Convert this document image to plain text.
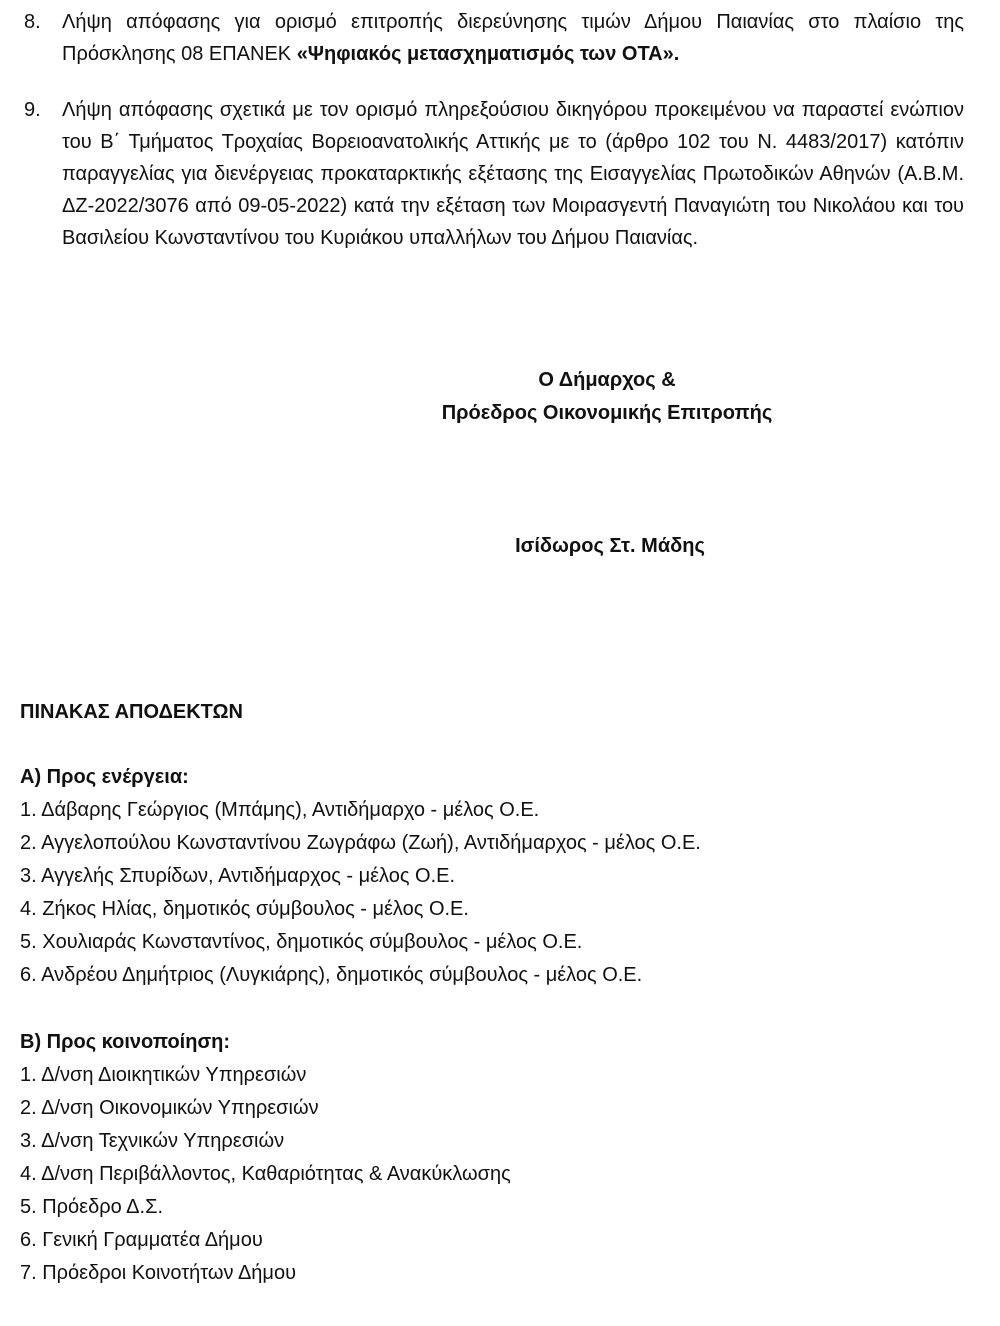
8. Λήψη απόφασης για ορισμό επιτροπής διερεύνησης τιμών Δήμου Παιανίας στο πλαίσιο της Πρόσκλησης 08 ΕΠΑΝΕΚ «Ψηφιακός μετασχηματισμός των ΟΤΑ».
9. Λήψη απόφασης σχετικά με τον ορισμό πληρεξούσιου δικηγόρου προκειμένου να παραστεί ενώπιον του Β΄ Τμήματος Τροχαίας Βορειοανατολικής Αττικής με το (άρθρο 102 του Ν. 4483/2017) κατόπιν παραγγελίας για διενέργειας προκαταρκτικής εξέτασης της Εισαγγελίας Πρωτοδικών Αθηνών (Α.Β.Μ. ΔΖ-2022/3076 από 09-05-2022) κατά την εξέταση των Μοιρασγεντή Παναγιώτη του Νικολάου και του Βασιλείου Κωνσταντίνου του Κυριάκου υπαλλήλων του Δήμου Παιανίας.
Ο Δήμαρχος &
Πρόεδρος Οικονομικής Επιτροπής
Ισίδωρος Στ. Μάδης
ΠΙΝΑΚΑΣ ΑΠΟΔΕΚΤΩΝ
Α) Προς ενέργεια:
1. Δάβαρης Γεώργιος (Μπάμης), Αντιδήμαρχο - μέλος Ο.Ε.
2. Αγγελοπούλου Κωνσταντίνου Ζωγράφω (Ζωή), Αντιδήμαρχος - μέλος Ο.Ε.
3. Αγγελής Σπυρίδων, Αντιδήμαρχος - μέλος Ο.Ε.
4. Ζήκος Ηλίας, δημοτικός σύμβουλος - μέλος Ο.Ε.
5. Χουλιαράς Κωνσταντίνος, δημοτικός σύμβουλος - μέλος Ο.Ε.
6. Ανδρέου Δημήτριος (Λυγκιάρης), δημοτικός σύμβουλος - μέλος Ο.Ε.
Β) Προς κοινοποίηση:
1. Δ/νση Διοικητικών Υπηρεσιών
2. Δ/νση Οικονομικών Υπηρεσιών
3. Δ/νση Τεχνικών Υπηρεσιών
4. Δ/νση Περιβάλλοντος, Καθαριότητας & Ανακύκλωσης
5. Πρόεδρο Δ.Σ.
6. Γενική Γραμματέα Δήμου
7. Πρόεδροι Κοινοτήτων Δήμου
